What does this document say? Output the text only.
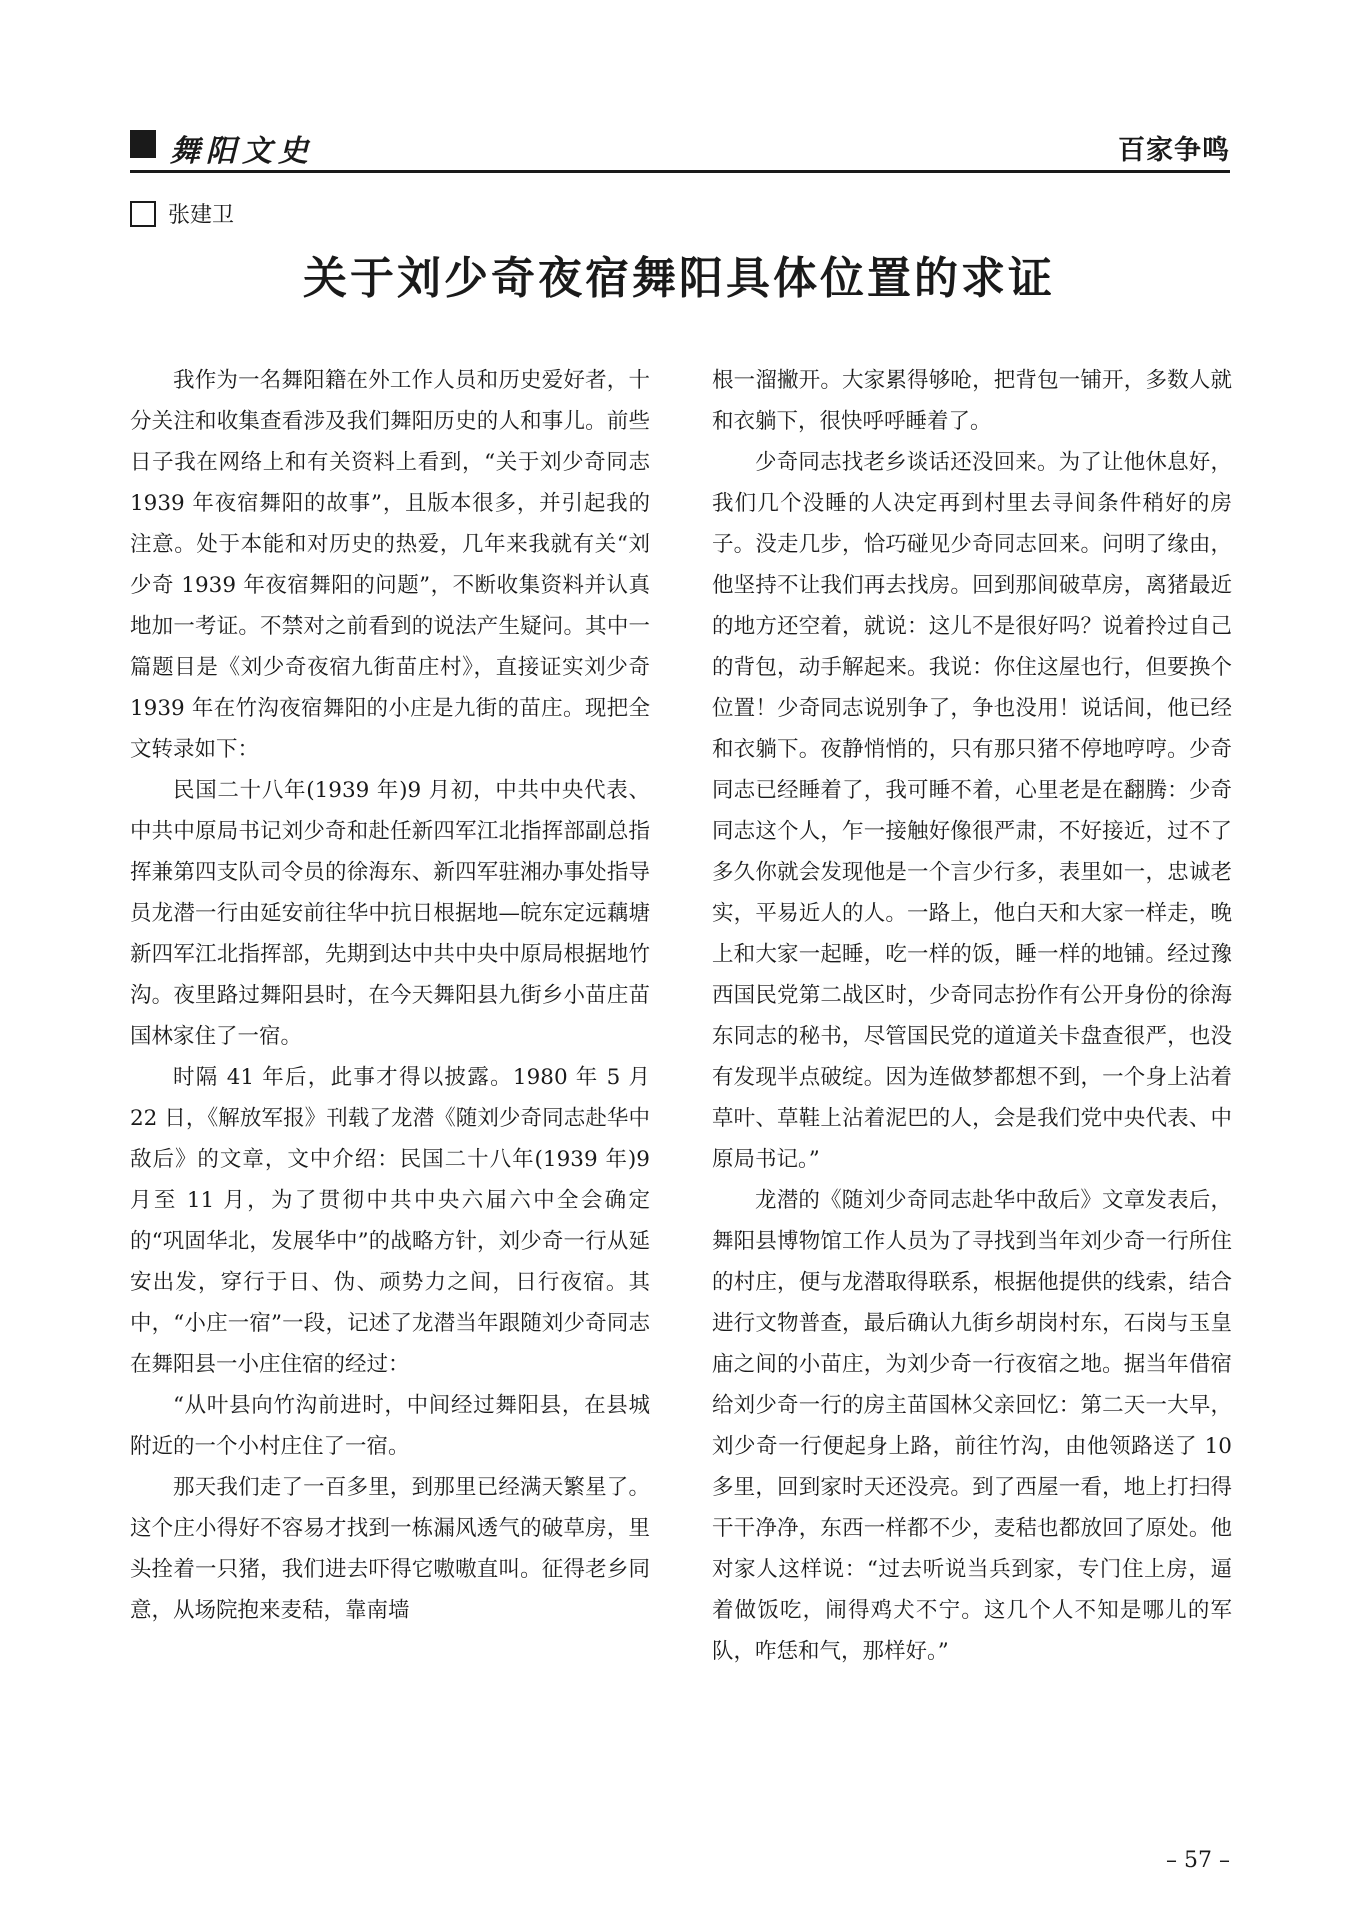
舞阳文史	百家争鸣
张建卫
关于刘少奇夜宿舞阳具体位置的求证

我作为一名舞阳籍在外工作人员和历史爱好者，十分关注和收集查看涉及我们舞阳历史的人和事儿。前些日子我在网络上和有关资料上看到，“关于刘少奇同志 1939 年夜宿舞阳的故事”，且版本很多，并引起我的注意。处于本能和对历史的热爱，几年来我就有关“刘少奇 1939 年夜宿舞阳的问题”，不断收集资料并认真地加一考证。不禁对之前看到的说法产生疑问。其中一篇题目是《刘少奇夜宿九街苗庄村》，直接证实刘少奇 1939 年在竹沟夜宿舞阳的小庄是九街的苗庄。现把全文转录如下：

民国二十八年(1939 年)9 月初，中共中央代表、中共中原局书记刘少奇和赴任新四军江北指挥部副总指挥兼第四支队司令员的徐海东、新四军驻湘办事处指导员龙潜一行由延安前往华中抗日根据地—皖东定远藕塘新四军江北指挥部，先期到达中共中央中原局根据地竹沟。夜里路过舞阳县时，在今天舞阳县九街乡小苗庄苗国林家住了一宿。

时隔 41 年后，此事才得以披露。1980 年 5 月 22 日，《解放军报》刊载了龙潜《随刘少奇同志赴华中敌后》的文章，文中介绍：民国二十八年(1939 年)9 月至 11 月，为了贯彻中共中央六届六中全会确定的“巩固华北，发展华中”的战略方针，刘少奇一行从延安出发，穿行于日、伪、顽势力之间，日行夜宿。其中，“小庄一宿”一段，记述了龙潜当年跟随刘少奇同志在舞阳县一小庄住宿的经过：

“从叶县向竹沟前进时，中间经过舞阳县，在县城附近的一个小村庄住了一宿。

那天我们走了一百多里，到那里已经满天繁星了。这个庄小得好不容易才找到一栋漏风透气的破草房，里头拴着一只猪，我们进去吓得它嗷嗷直叫。征得老乡同意，从场院抱来麦秸，靠南墙

根一溜撇开。大家累得够呛，把背包一铺开，多数人就和衣躺下，很快呼呼睡着了。

少奇同志找老乡谈话还没回来。为了让他休息好，我们几个没睡的人决定再到村里去寻间条件稍好的房子。没走几步，恰巧碰见少奇同志回来。问明了缘由，他坚持不让我们再去找房。回到那间破草房，离猪最近的地方还空着，就说：这儿不是很好吗？说着拎过自己的背包，动手解起来。我说：你住这屋也行，但要换个位置！少奇同志说别争了，争也没用！说话间，他已经和衣躺下。夜静悄悄的，只有那只猪不停地哼哼。少奇同志已经睡着了，我可睡不着，心里老是在翻腾：少奇同志这个人，乍一接触好像很严肃，不好接近，过不了多久你就会发现他是一个言少行多，表里如一，忠诚老实，平易近人的人。一路上，他白天和大家一样走，晚上和大家一起睡，吃一样的饭，睡一样的地铺。经过豫西国民党第二战区时，少奇同志扮作有公开身份的徐海东同志的秘书，尽管国民党的道道关卡盘查很严，也没有发现半点破绽。因为连做梦都想不到，一个身上沾着草叶、草鞋上沾着泥巴的人，会是我们党中央代表、中原局书记。”

龙潜的《随刘少奇同志赴华中敌后》文章发表后，舞阳县博物馆工作人员为了寻找到当年刘少奇一行所住的村庄，便与龙潜取得联系，根据他提供的线索，结合进行文物普查，最后确认九街乡胡岗村东，石岗与玉皇庙之间的小苗庄，为刘少奇一行夜宿之地。据当年借宿给刘少奇一行的房主苗国林父亲回忆：第二天一大早，刘少奇一行便起身上路，前往竹沟，由他领路送了 10 多里，回到家时天还没亮。到了西屋一看，地上打扫得干干净净，东西一样都不少，麦秸也都放回了原处。他对家人这样说：“过去听说当兵到家，专门住上房，逼着做饭吃，闹得鸡犬不宁。这几个人不知是哪儿的军队，咋恁和气，那样好。”

– 57 –
